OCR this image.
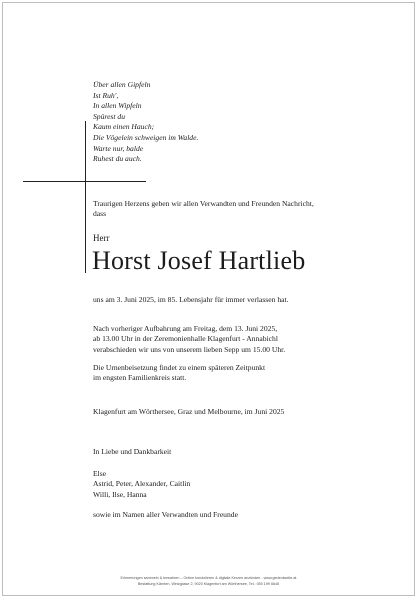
Über allen Gipfeln
Ist Ruh',
In allen Wipfeln
Spürest du
Kaum einen Hauch;
Die Vögelein schweigen im Walde.
Warte nur, balde
Ruhest du auch.
Traurigen Herzens geben wir allen Verwandten und Freunden Nachricht,
dass
Herr
Horst Josef Hartlieb
uns am 3. Juni 2025, im 85. Lebensjahr für immer verlassen hat.
Nach vorheriger Aufbahrung am Freitag, dem 13. Juni 2025,
ab 13.00 Uhr in der Zeremonienhalle Klagenfurt - Annabichl
verabschieden wir uns von unserem lieben Sepp um 15.00 Uhr.
Die Urnenbeisetzung findet zu einem späteren Zeitpunkt
im engsten Familienkreis statt.
Klagenfurt am Wörthersee, Graz und Melbourne, im Juni 2025
In Liebe und Dankbarkeit
Else
Astrid, Peter, Alexander, Caitlin
Willi, Ilse, Hanna
sowie im Namen aller Verwandten und Freunde
Erinnerungen sammeln & bewahren – Online kondolieren & digitale Kerzen anzünden - www.gedenkseite.at
Bestattung Kärnten, Weizgasse 2, 9020 Klagenfurt am Wörthersee, Tel.: 050 199 6648
